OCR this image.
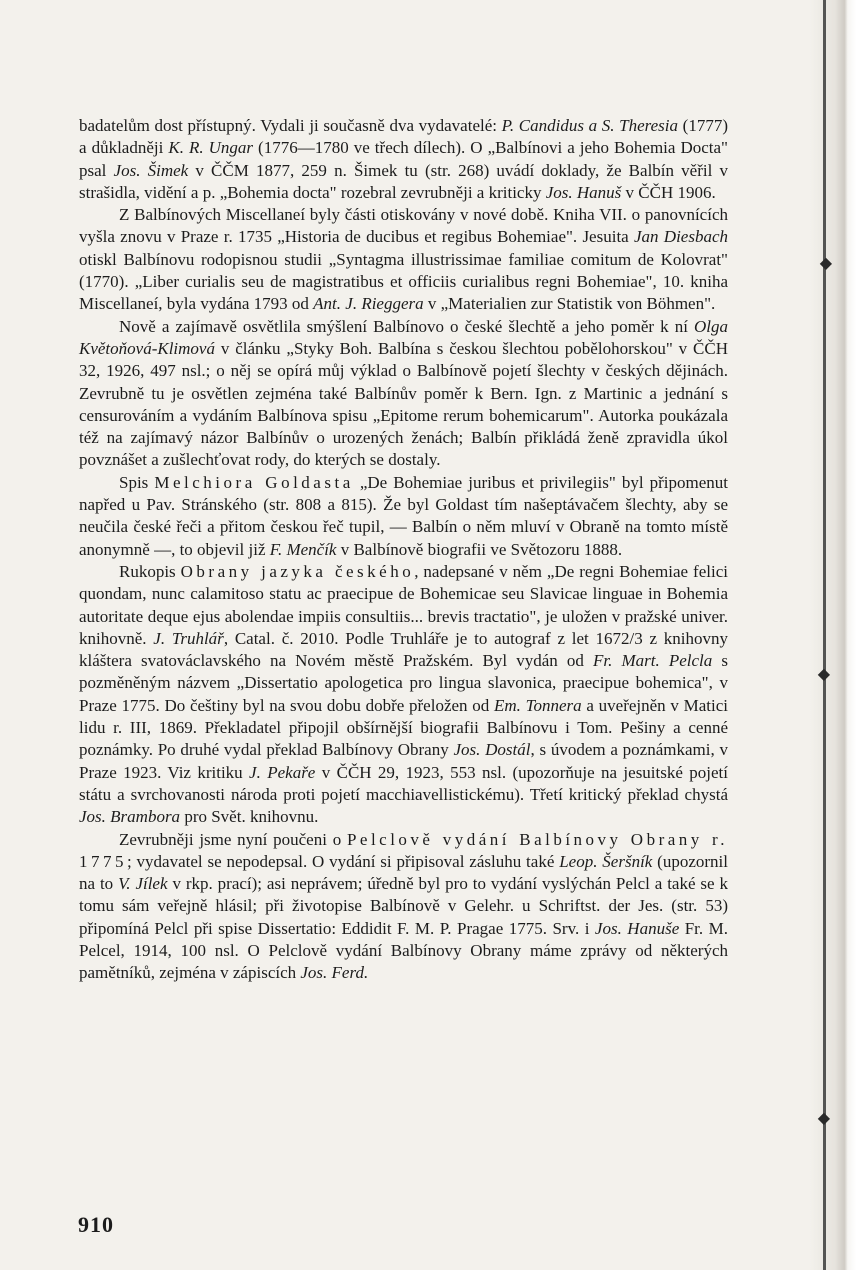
◆
◆
◆

badatelům dost přístupný. Vydali ji současně dva vydavatelé: P. Candidus a S. Theresia (1777) a důkladněji K. R. Ungar (1776—1780 ve třech dílech). O „Balbínovi a jeho Bohemia Docta" psal Jos. Šimek v ČČM 1877, 259 n. Šimek tu (str. 268) uvádí doklady, že Balbín věřil v strašidla, vidění a p. „Bohemia docta" rozebral zevrubněji a kriticky Jos. Hanuš v ČČH 1906.

Z Balbínových Miscellaneí byly části otiskovány v nové době. Kniha VII. o panovnících vyšla znovu v Praze r. 1735 „Historia de ducibus et regibus Bohemiae". Jesuita Jan Diesbach otiskl Balbínovu rodopisnou studii „Syntagma illustrissimae familiae comitum de Kolovrat" (1770). „Liber curialis seu de magistratibus et officiis curialibus regni Bohemiae", 10. kniha Miscellaneí, byla vydána 1793 od Ant. J. Rieggera v „Materialien zur Statistik von Böhmen".

Nově a zajímavě osvětlila smýšlení Balbínovo o české šlechtě a jeho poměr k ní Olga Květoňová-Klimová v článku „Styky Boh. Balbína s českou šlechtou pobělohorskou" v ČČH 32, 1926, 497 nsl.; o něj se opírá můj výklad o Balbínově pojetí šlechty v českých dějinách. Zevrubně tu je osvětlen zejména také Balbínův poměr k Bern. Ign. z Martinic a jednání s censurováním a vydáním Balbínova spisu „Epitome rerum bohemicarum". Autorka poukázala též na zajímavý názor Balbínův o urozených ženách; Balbín přikládá ženě zpravidla úkol povznášet a zušlechťovat rody, do kterých se dostaly.

Spis Melchiora Goldasta „De Bohemiae juribus et privilegiis" byl připomenut napřed u Pav. Stránského (str. 808 a 815). Že byl Goldast tím našeptávačem šlechty, aby se neučila české řeči a přitom českou řeč tupil, — Balbín o něm mluví v Obraně na tomto místě anonymně —, to objevil již F. Menčík v Balbínově biografii ve Světozoru 1888.

Rukopis Obrany jazyka českého, nadepsané v něm „De regni Bohemiae felici quondam, nunc calamitoso statu ac praecipue de Bohemicae seu Slavicae linguae in Bohemia autoritate deque ejus abolendae impiis consultiis... brevis tractatio", je uložen v pražské univer. knihovně. J. Truhlář, Catal. č. 2010. Podle Truhláře je to autograf z let 1672/3 z knihovny klášterа svatováclavského na Novém městě Pražském. Byl vydán od Fr. Mart. Pelcla s pozměněným názvem „Dissertatio apologetica pro lingua slavonica, praecipue bohemica", v Praze 1775. Do češtiny byl na svou dobu dobře přeložen od Em. Tonnera a uveřejněn v Matici lidu r. III, 1869. Překladatel připojil obšírnější biografii Balbínovu i Tom. Pešiny a cenné poznámky. Po druhé vydal překlad Balbínovy Obrany Jos. Dostál, s úvodem a poznámkami, v Praze 1923. Viz kritiku J. Pekaře v ČČH 29, 1923, 553 nsl. (upozorňuje na jesuitské pojetí státu a svrchovanosti národa proti pojetí macchiavellistickému). Třetí kritický překlad chystá Jos. Brambora pro Svět. knihovnu.

Zevrubněji jsme nyní poučeni o Pelclově vydání Balbínovy Obrany r. 1775; vydavatel se nepodepsal. O vydání si připisoval zásluhu také Leop. Šeršník (upozornil na to V. Jílek v rkp. prací); asi neprávem; úředně byl pro to vydání vyslýchán Pelcl a také se k tomu sám veřejně hlásil; při životopise Balbínově v Gelehr. u Schriftst. der Jes. (str. 53) připomíná Pelcl při spise Dissertatio: Eddidit F. M. P. Pragae 1775. Srv. i Jos. Hanuše Fr. M. Pelcel, 1914, 100 nsl. O Pelclově vydání Balbínovy Obrany máme zprávy od některých pamětníků, zejména v zápiscích Jos. Ferd.

910
